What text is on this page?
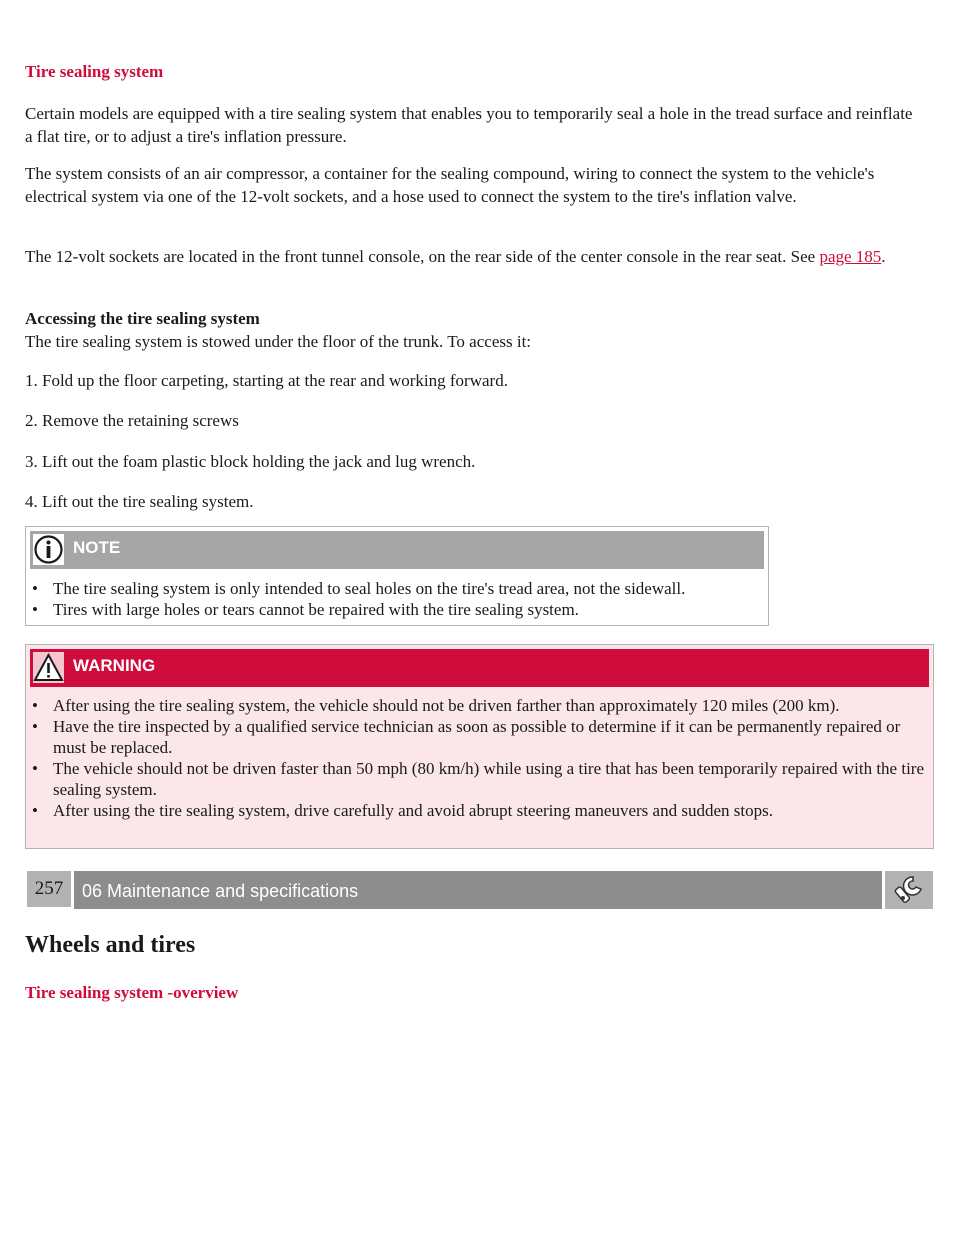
Tire sealing system

Certain models are equipped with a tire sealing system that enables you to temporarily seal a hole in the tread surface and reinflate a flat tire, or to adjust a tire's inflation pressure.

The system consists of an air compressor, a container for the sealing compound, wiring to connect the system to the vehicle's electrical system via one of the 12-volt sockets, and a hose used to connect the system to the tire's inflation valve.

The 12-volt sockets are located in the front tunnel console, on the rear side of the center console in the rear seat. See page 185.

Accessing the tire sealing system
The tire sealing system is stowed under the floor of the trunk. To access it:

1. Fold up the floor carpeting, starting at the rear and working forward.

2. Remove the retaining screws

3. Lift out the foam plastic block holding the jack and lug wrench.

4. Lift out the tire sealing system.

NOTE
• The tire sealing system is only intended to seal holes on the tire's tread area, not the sidewall.
• Tires with large holes or tears cannot be repaired with the tire sealing system.
WARNING
• After using the tire sealing system, the vehicle should not be driven farther than approximately 120 miles (200 km).
• Have the tire inspected by a qualified service technician as soon as possible to determine if it can be permanently repaired or must be replaced.
• The vehicle should not be driven faster than 50 mph (80 km/h) while using a tire that has been temporarily repaired with the tire sealing system.
• After using the tire sealing system, drive carefully and avoid abrupt steering maneuvers and sudden stops.
257	06 Maintenance and specifications
Wheels and tires
Tire sealing system -overview
